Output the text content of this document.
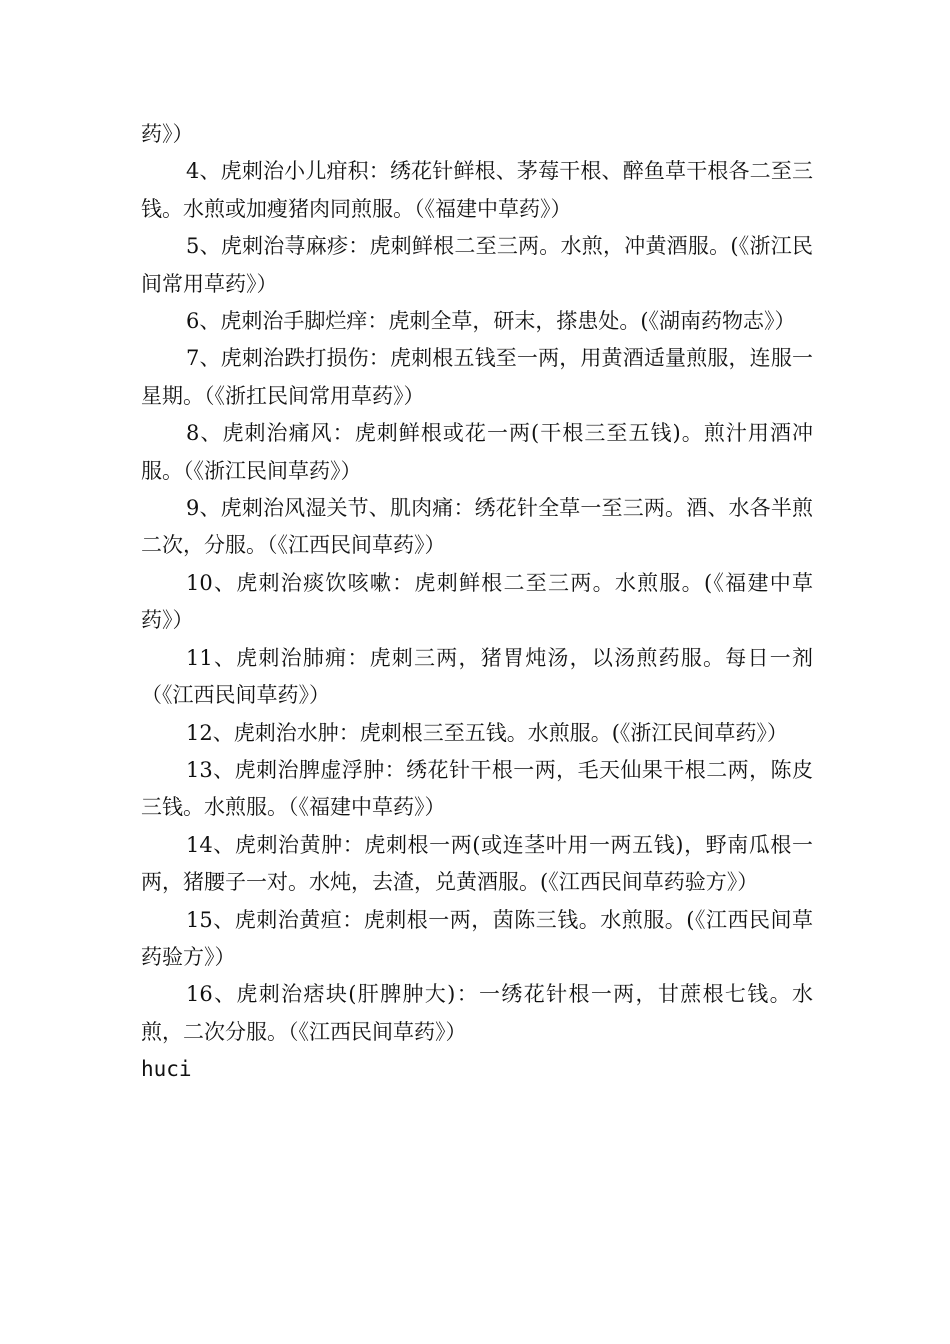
药》）

4、虎刺治小儿疳积：绣花针鲜根、茅莓干根、醉鱼草干根各二至三钱。水煎或加瘦猪肉同煎服。（《福建中草药》）

5、虎刺治荨麻疹：虎刺鲜根二至三两。水煎，冲黄酒服。(《浙江民间常用草药》）

6、虎刺治手脚烂痒：虎刺全草，研末，搽患处。(《湖南药物志》）

7、虎刺治跌打损伤：虎刺根五钱至一两，用黄酒适量煎服，连服一星期。（《浙扛民间常用草药》）

8、虎刺治痛风：虎刺鲜根或花一两(干根三至五钱)。煎汁用酒冲服。（《浙江民间草药》）

9、虎刺治风湿关节、肌肉痛：绣花针全草一至三两。酒、水各半煎二次，分服。（《江西民间草药》）

10、虎刺治痰饮咳嗽：虎刺鲜根二至三两。水煎服。(《福建中草药》）

11、虎刺治肺痈：虎刺三两，猪胃炖汤，以汤煎药服。每日一剂（《江西民间草药》）

12、虎刺治水肿：虎刺根三至五钱。水煎服。(《浙江民间草药》）

13、虎刺治脾虚浮肿：绣花针干根一两，毛天仙果干根二两，陈皮三钱。水煎服。（《福建中草药》）

14、虎刺治黄肿：虎刺根一两(或连茎叶用一两五钱)，野南瓜根一两，猪腰子一对。水炖，去渣，兑黄酒服。(《江西民间草药验方》）

15、虎刺治黄疸：虎刺根一两，茵陈三钱。水煎服。(《江西民间草药验方》）

16、虎刺治痞块(肝脾肿大)：一绣花针根一两，甘蔗根七钱。水煎，二次分服。（《江西民间草药》）

huci
